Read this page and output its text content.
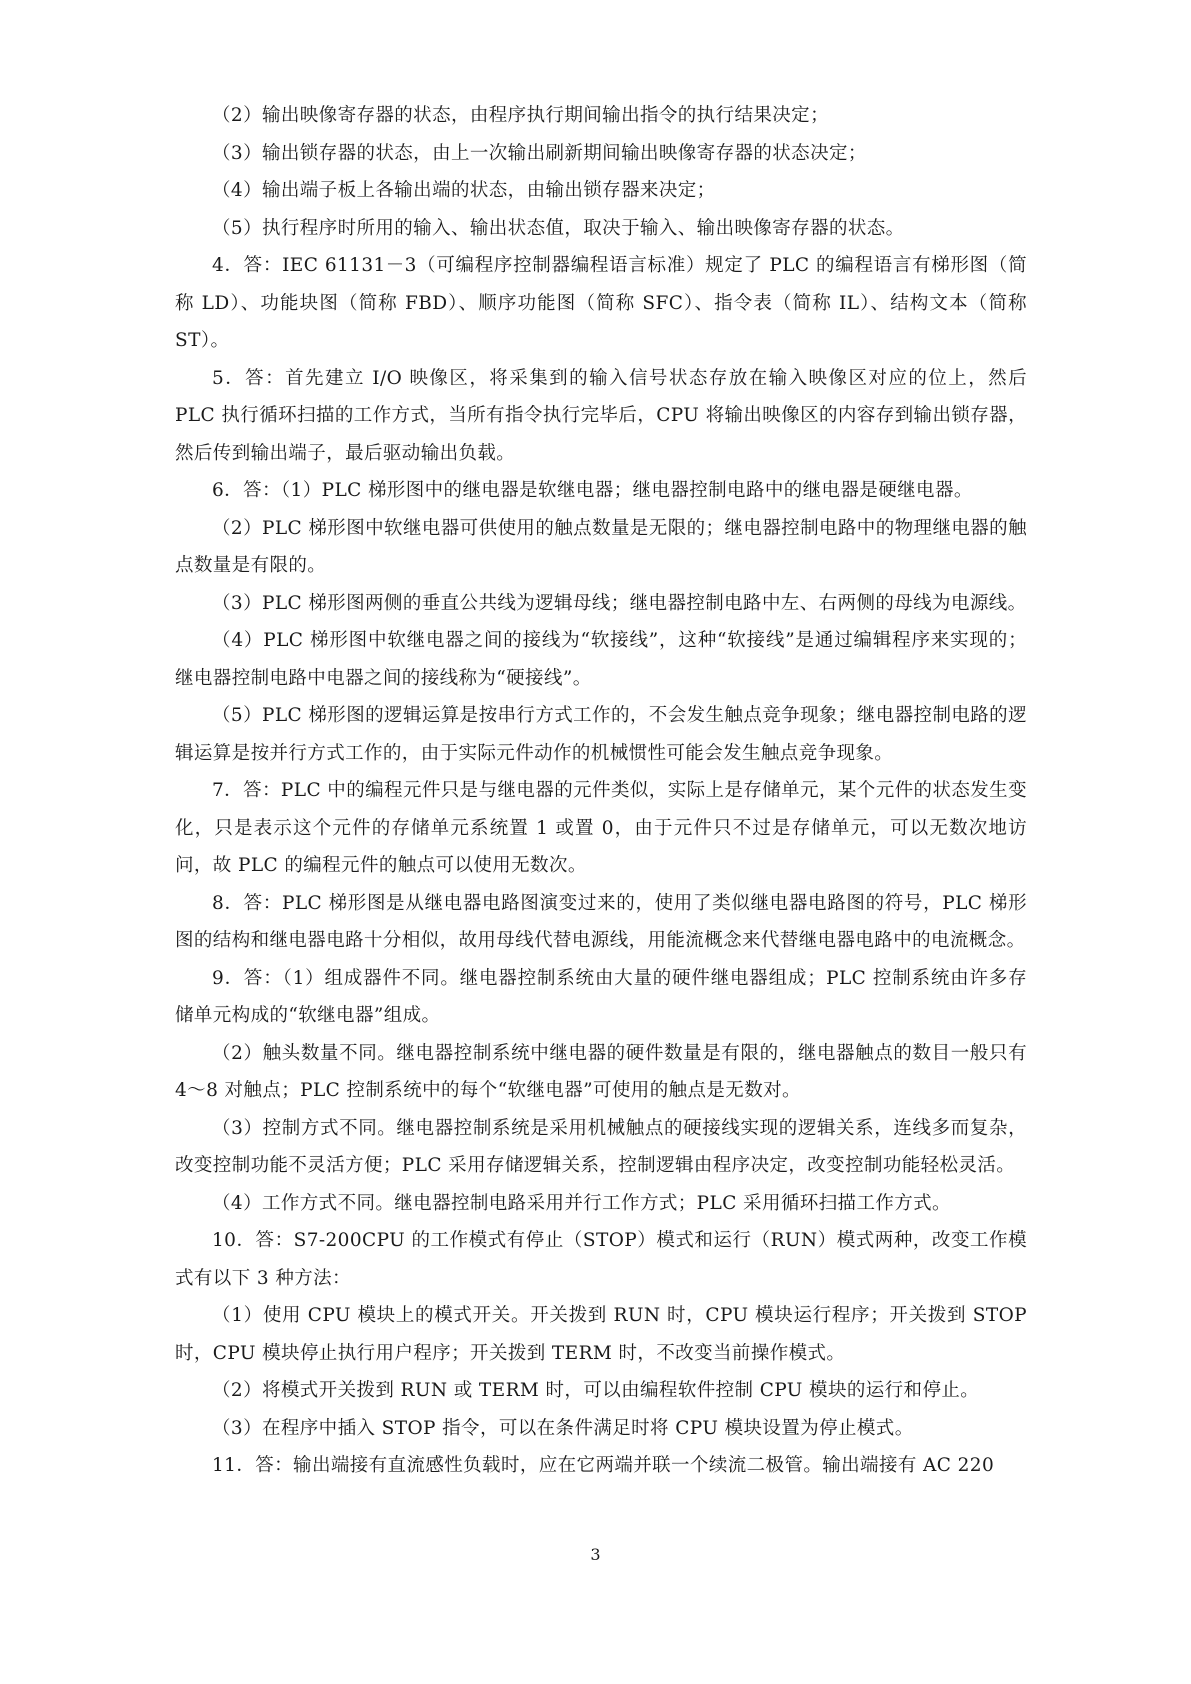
（2）输出映像寄存器的状态，由程序执行期间输出指令的执行结果决定；

（3）输出锁存器的状态，由上一次输出刷新期间输出映像寄存器的状态决定；

（4）输出端子板上各输出端的状态，由输出锁存器来决定；

（5）执行程序时所用的输入、输出状态值，取决于输入、输出映像寄存器的状态。

4．答：IEC 61131－3（可编程序控制器编程语言标准）规定了 PLC 的编程语言有梯形图（简称 LD）、功能块图（简称 FBD）、顺序功能图（简称 SFC）、指令表（简称 IL）、结构文本（简称 ST）。

5．答：首先建立 I/O 映像区，将采集到的输入信号状态存放在输入映像区对应的位上，然后 PLC 执行循环扫描的工作方式，当所有指令执行完毕后，CPU 将输出映像区的内容存到输出锁存器，然后传到输出端子，最后驱动输出负载。

6．答：（1）PLC 梯形图中的继电器是软继电器；继电器控制电路中的继电器是硬继电器。

（2）PLC 梯形图中软继电器可供使用的触点数量是无限的；继电器控制电路中的物理继电器的触点数量是有限的。

（3）PLC 梯形图两侧的垂直公共线为逻辑母线；继电器控制电路中左、右两侧的母线为电源线。

（4）PLC 梯形图中软继电器之间的接线为“软接线”，这种“软接线”是通过编辑程序来实现的；继电器控制电路中电器之间的接线称为“硬接线”。

（5）PLC 梯形图的逻辑运算是按串行方式工作的，不会发生触点竞争现象；继电器控制电路的逻辑运算是按并行方式工作的，由于实际元件动作的机械惯性可能会发生触点竞争现象。

7．答：PLC 中的编程元件只是与继电器的元件类似，实际上是存储单元，某个元件的状态发生变化，只是表示这个元件的存储单元系统置 1 或置 0，由于元件只不过是存储单元，可以无数次地访问，故 PLC 的编程元件的触点可以使用无数次。

8．答：PLC 梯形图是从继电器电路图演变过来的，使用了类似继电器电路图的符号，PLC 梯形图的结构和继电器电路十分相似，故用母线代替电源线，用能流概念来代替继电器电路中的电流概念。

9．答：（1）组成器件不同。继电器控制系统由大量的硬件继电器组成；PLC 控制系统由许多存储单元构成的“软继电器”组成。

（2）触头数量不同。继电器控制系统中继电器的硬件数量是有限的，继电器触点的数目一般只有 4～8 对触点；PLC 控制系统中的每个“软继电器”可使用的触点是无数对。

（3）控制方式不同。继电器控制系统是采用机械触点的硬接线实现的逻辑关系，连线多而复杂，改变控制功能不灵活方便；PLC 采用存储逻辑关系，控制逻辑由程序决定，改变控制功能轻松灵活。

（4）工作方式不同。继电器控制电路采用并行工作方式；PLC 采用循环扫描工作方式。

10．答：S7-200CPU 的工作模式有停止（STOP）模式和运行（RUN）模式两种，改变工作模式有以下 3 种方法：

（1）使用 CPU 模块上的模式开关。开关拨到 RUN 时，CPU 模块运行程序；开关拨到 STOP 时，CPU 模块停止执行用户程序；开关拨到 TERM 时，不改变当前操作模式。

（2）将模式开关拨到 RUN 或 TERM 时，可以由编程软件控制 CPU 模块的运行和停止。

（3）在程序中插入 STOP 指令，可以在条件满足时将 CPU 模块设置为停止模式。

11．答：输出端接有直流感性负载时，应在它两端并联一个续流二极管。输出端接有 AC 220

3
